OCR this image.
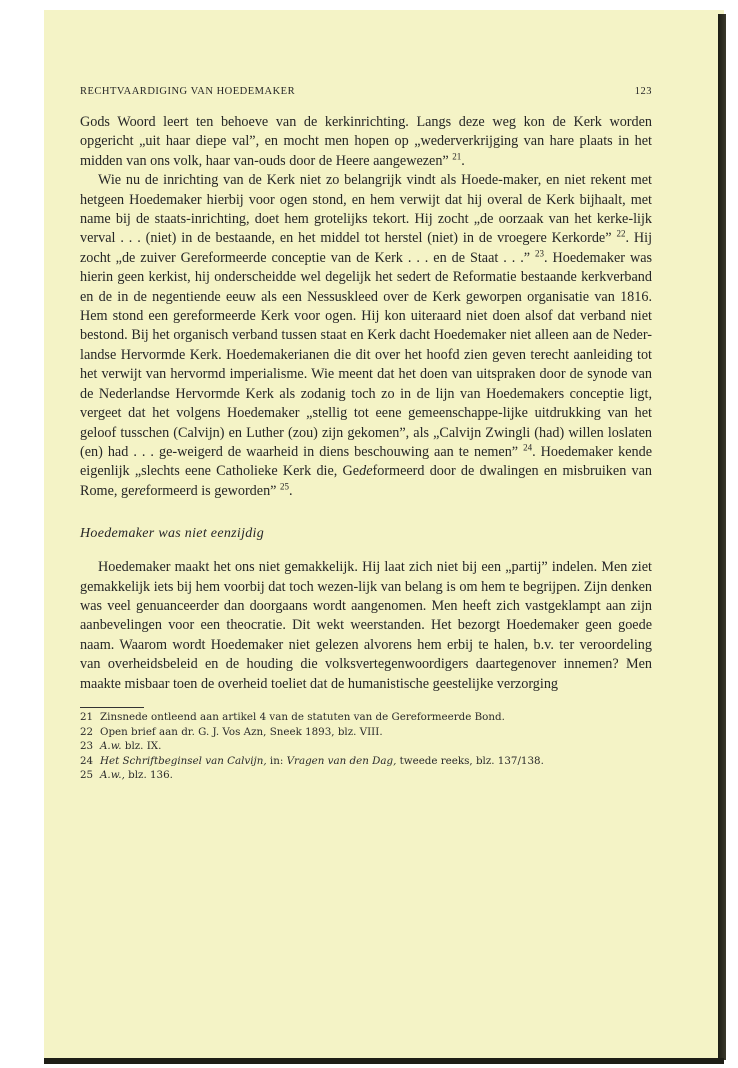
RECHTVAARDIGING VAN HOEDEMAKER	123

Gods Woord leert ten behoeve van de kerkinrichting. Langs deze weg kon de Kerk worden opgericht „uit haar diepe val”, en mocht men hopen op „wederverkrijging van hare plaats in het midden van ons volk, haar van-ouds door de Heere aangewezen” $^{21}$.

Wie nu de inrichting van de Kerk niet zo belangrijk vindt als Hoede-maker, en niet rekent met hetgeen Hoedemaker hierbij voor ogen stond, en hem verwijt dat hij overal de Kerk bijhaalt, met name bij de staats-inrichting, doet hem grotelijks tekort. Hij zocht „de oorzaak van het kerke-lijk verval . . . (niet) in de bestaande, en het middel tot herstel (niet) in de vroegere Kerkorde” $^{22}$. Hij zocht „de zuiver Gereformeerde conceptie van de Kerk . . . en de Staat . . .” $^{23}$. Hoedemaker was hierin geen kerkist, hij onderscheidde wel degelijk het sedert de Reformatie bestaande kerkverband en de in de negentiende eeuw als een Nessuskleed over de Kerk geworpen organisatie van 1816. Hem stond een gereformeerde Kerk voor ogen. Hij kon uiteraard niet doen alsof dat verband niet bestond. Bij het organisch verband tussen staat en Kerk dacht Hoedemaker niet alleen aan de Neder-landse Hervormde Kerk. Hoedemakerianen die dit over het hoofd zien geven terecht aanleiding tot het verwijt van hervormd imperialisme. Wie meent dat het doen van uitspraken door de synode van de Nederlandse Hervormde Kerk als zodanig toch zo in de lijn van Hoedemakers conceptie ligt, vergeet dat het volgens Hoedemaker „stellig tot eene gemeenschappe-lijke uitdrukking van het geloof tusschen (Calvijn) en Luther (zou) zijn gekomen”, als „Calvijn Zwingli (had) willen loslaten (en) had . . . ge-weigerd de waarheid in diens beschouwing aan te nemen” $^{24}$. Hoedemaker kende eigenlijk „slechts eene Catholieke Kerk die, Gedeformeerd door de dwalingen en misbruiken van Rome, gereformeerd is geworden” $^{25}$.

Hoedemaker was niet eenzijdig

Hoedemaker maakt het ons niet gemakkelijk. Hij laat zich niet bij een „partij” indelen. Men ziet gemakkelijk iets bij hem voorbij dat toch wezen-lijk van belang is om hem te begrijpen. Zijn denken was veel genuanceerder dan doorgaans wordt aangenomen. Men heeft zich vastgeklampt aan zijn aanbevelingen voor een theocratie. Dit wekt weerstanden. Het bezorgt Hoedemaker geen goede naam. Waarom wordt Hoedemaker niet gelezen alvorens hem erbij te halen, b.v. ter veroordeling van overheidsbeleid en de houding die volksvertegenwoordigers daartegenover innemen? Men maakte misbaar toen de overheid toeliet dat de humanistische geestelijke verzorging

21 Zinsnede ontleend aan artikel 4 van de statuten van de Gereformeerde Bond.
22 Open brief aan dr. G. J. Vos Azn, Sneek 1893, blz. VIII.
23 A.w. blz. IX.
24 Het Schriftbeginsel van Calvijn, in: Vragen van den Dag, tweede reeks, blz. 137/138.
25 A.w., blz. 136.
